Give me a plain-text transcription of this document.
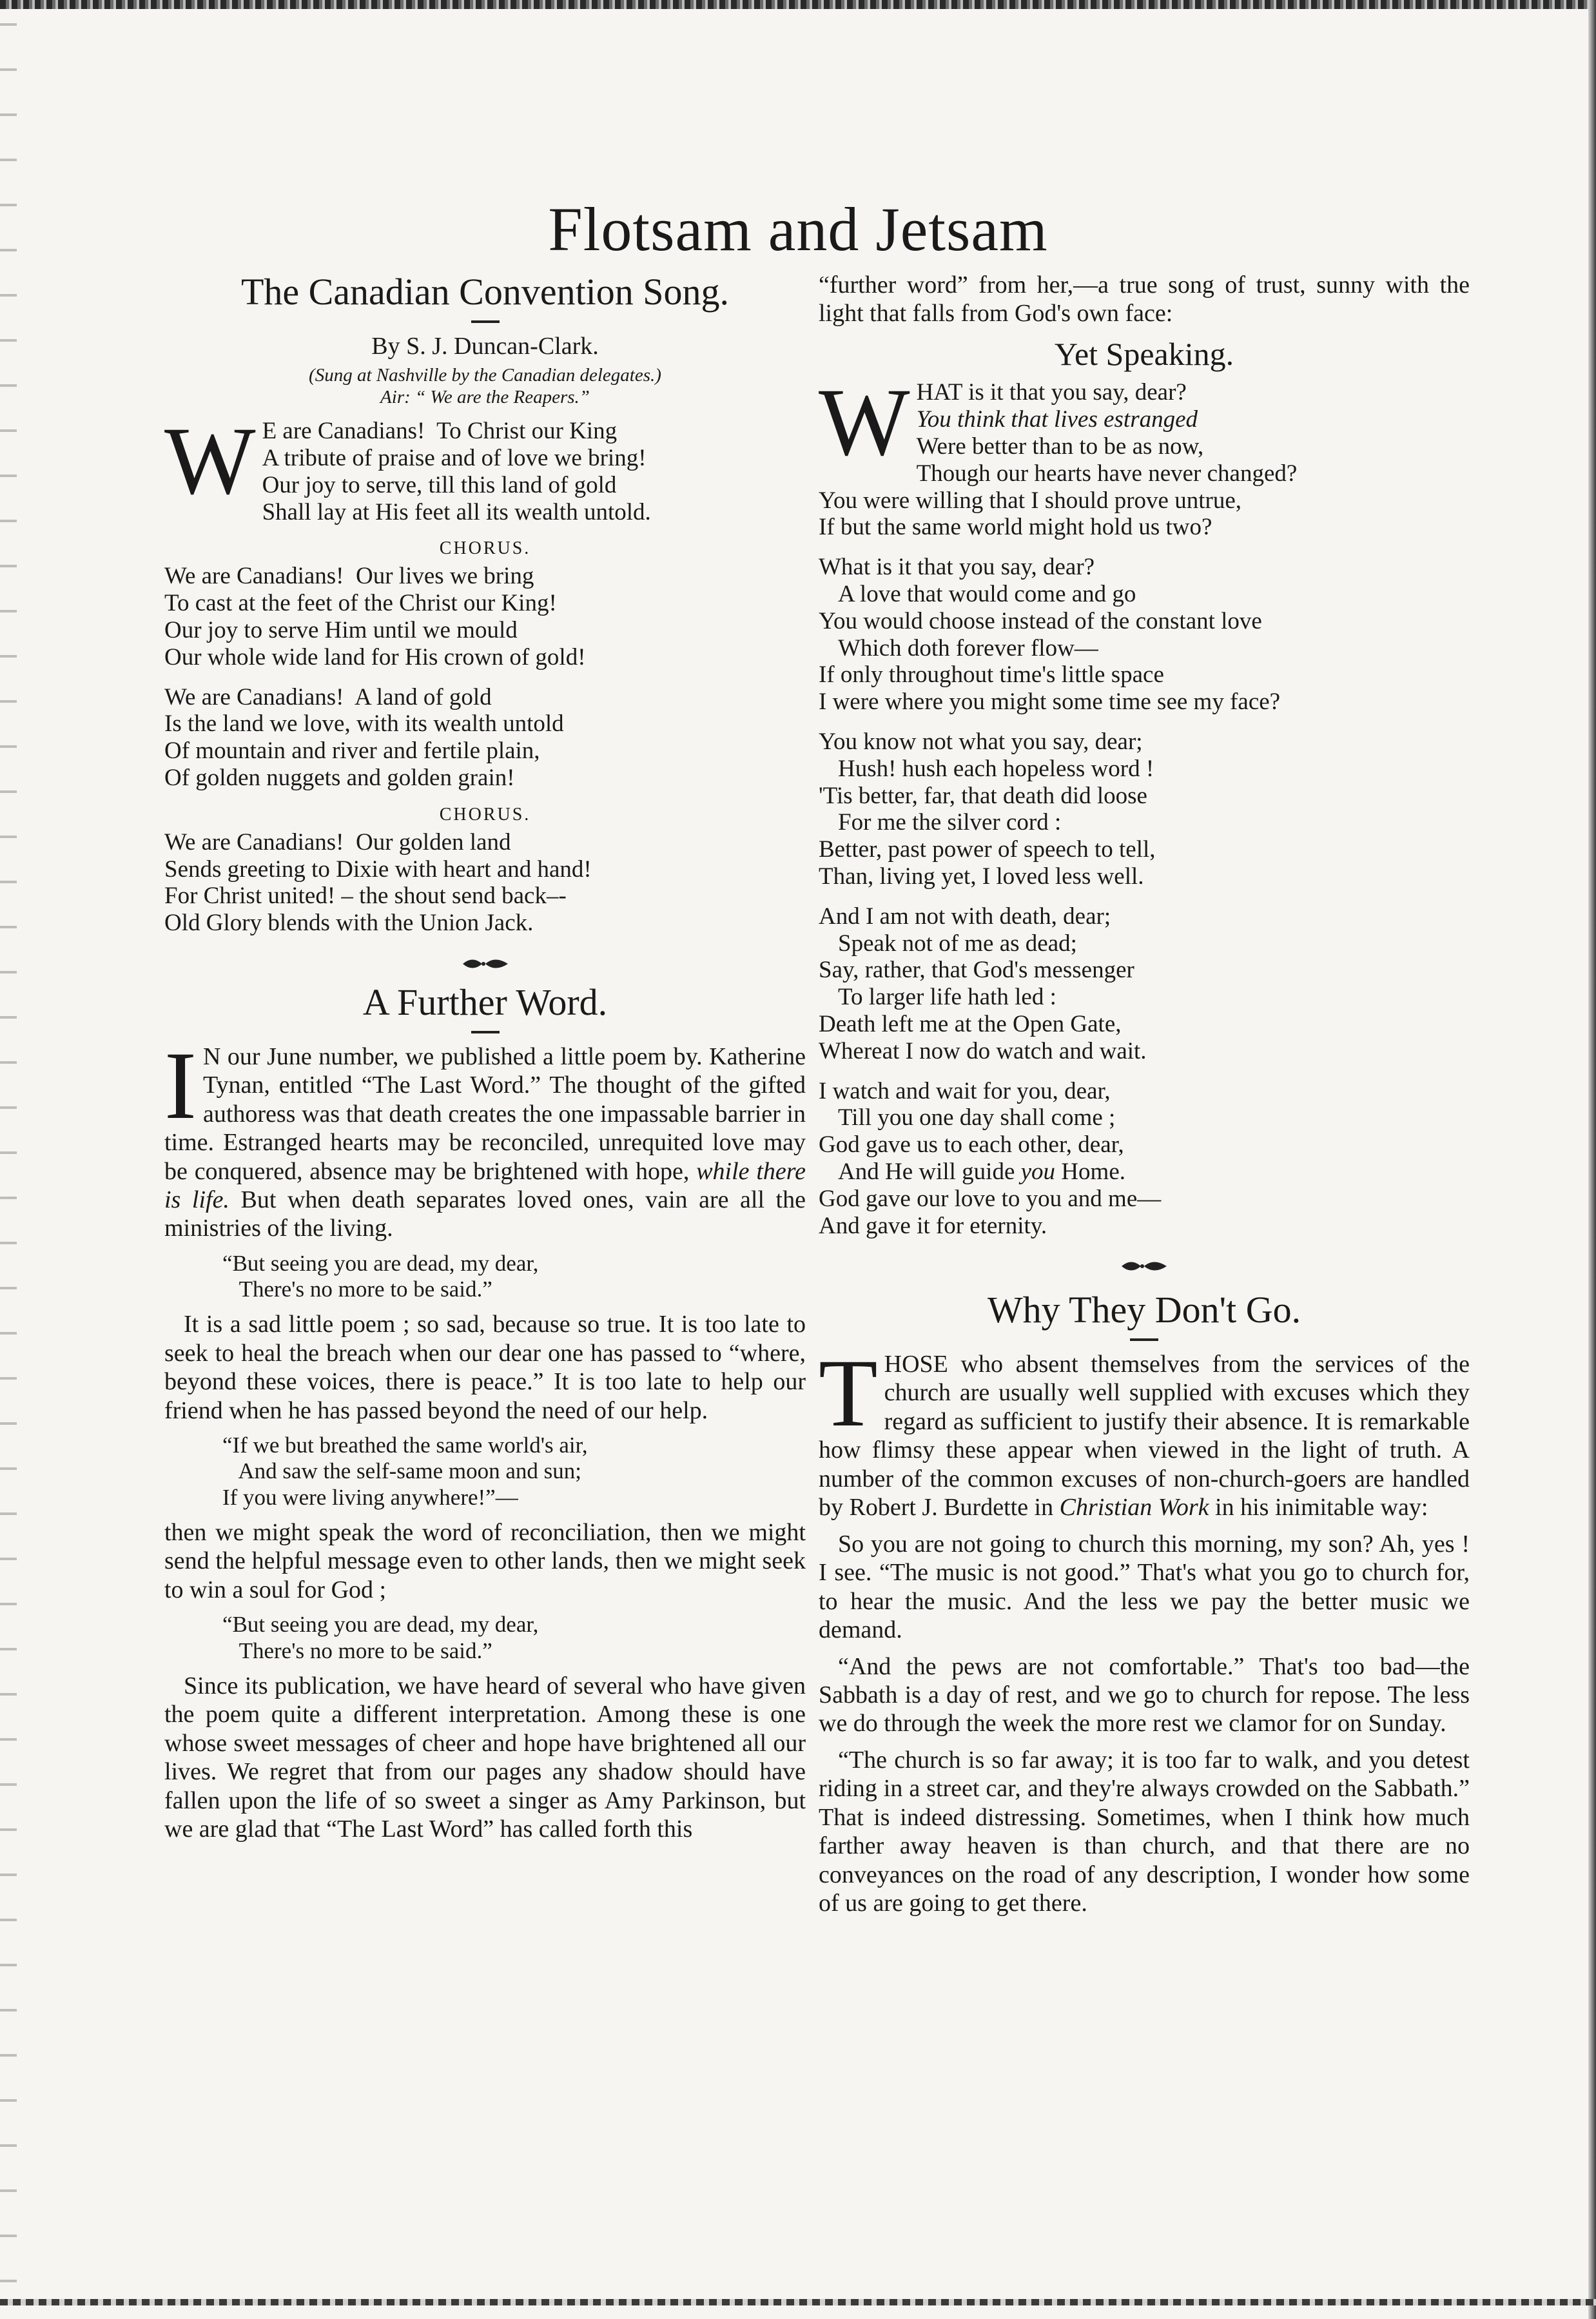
Flotsam and Jetsam
The Canadian Convention Song.

By S. J. Duncan-Clark.

(Sung at Nashville by the Canadian delegates.)
Air: “ We are the Reapers.”
W E are Canadians!  To Christ our King
A tribute of praise and of love we bring!
Our joy to serve, till this land of gold
Shall lay at His feet all its wealth untold.
CHORUS.
We are Canadians!  Our lives we bring
To cast at the feet of the Christ our King!
Our joy to serve Him until we mould
Our whole wide land for His crown of gold!
We are Canadians!  A land of gold
Is the land we love, with its wealth untold
Of mountain and river and fertile plain,
Of golden nuggets and golden grain!
CHORUS.
We are Canadians!  Our golden land
Sends greeting to Dixie with heart and hand!
For Christ united! – the shout send back–-
Old Glory blends with the Union Jack.
A Further Word.

I N our June number, we published a little poem by. Katherine Tynan, entitled “The Last Word.” The thought of the gifted authoress was that death creates the one impassable barrier in time. Estranged hearts may be reconciled, unrequited love may be conquered, absence may be brightened with hope, while there is life. But when death separates loved ones, vain are all the ministries of the living.

“But seeing you are dead, my dear,
There's no more to be said.”

It is a sad little poem ; so sad, because so true. It is too late to seek to heal the breach when our dear one has passed to “where, beyond these voices, there is peace.” It is too late to help our friend when he has passed beyond the need of our help.

“If we but breathed the same world's air,
And saw the self-same moon and sun;
If you were living anywhere!”—

then we might speak the word of reconciliation, then we might send the helpful message even to other lands, then we might seek to win a soul for God ;

“But seeing you are dead, my dear,
There's no more to be said.”

Since its publication, we have heard of several who have given the poem quite a different interpretation. Among these is one whose sweet messages of cheer and hope have brightened all our lives. We regret that from our pages any shadow should have fallen upon the life of so sweet a singer as Amy Parkinson, but we are glad that “The Last Word” has called forth this

“further word” from her,—a true song of trust, sunny with the light that falls from God's own face:

Yet Speaking.
W HAT is it that you say, dear?
You think that lives estranged
Were better than to be as now,
Though our hearts have never changed?
You were willing that I should prove untrue,
If but the same world might hold us two?
What is it that you say, dear?
A love that would come and go
You would choose instead of the constant love
Which doth forever flow—
If only throughout time's little space
I were where you might some time see my face?
You know not what you say, dear;
Hush! hush each hopeless word !
'Tis better, far, that death did loose
For me the silver cord :
Better, past power of speech to tell,
Than, living yet, I loved less well.
And I am not with death, dear;
Speak not of me as dead;
Say, rather, that God's messenger
To larger life hath led :
Death left me at the Open Gate,
Whereat I now do watch and wait.
I watch and wait for you, dear,
Till you one day shall come ;
God gave us to each other, dear,
And He will guide you Home.
God gave our love to you and me—
And gave it for eternity.
Why They Don't Go.

THOSE who absent themselves from the services of the church are usually well supplied with excuses which they regard as sufficient to justify their absence. It is remarkable how flimsy these appear when viewed in the light of truth. A number of the common excuses of non-church-goers are handled by Robert J. Burdette in Christian Work in his inimitable way:

So you are not going to church this morning, my son? Ah, yes ! I see. “The music is not good.” That's what you go to church for, to hear the music. And the less we pay the better music we demand.

“And the pews are not comfortable.” That's too bad—the Sabbath is a day of rest, and we go to church for repose. The less we do through the week the more rest we clamor for on Sunday.

“The church is so far away; it is too far to walk, and you detest riding in a street car, and they're always crowded on the Sabbath.” That is indeed distressing. Sometimes, when I think how much farther away heaven is than church, and that there are no conveyances on the road of any description, I wonder how some of us are going to get there.
